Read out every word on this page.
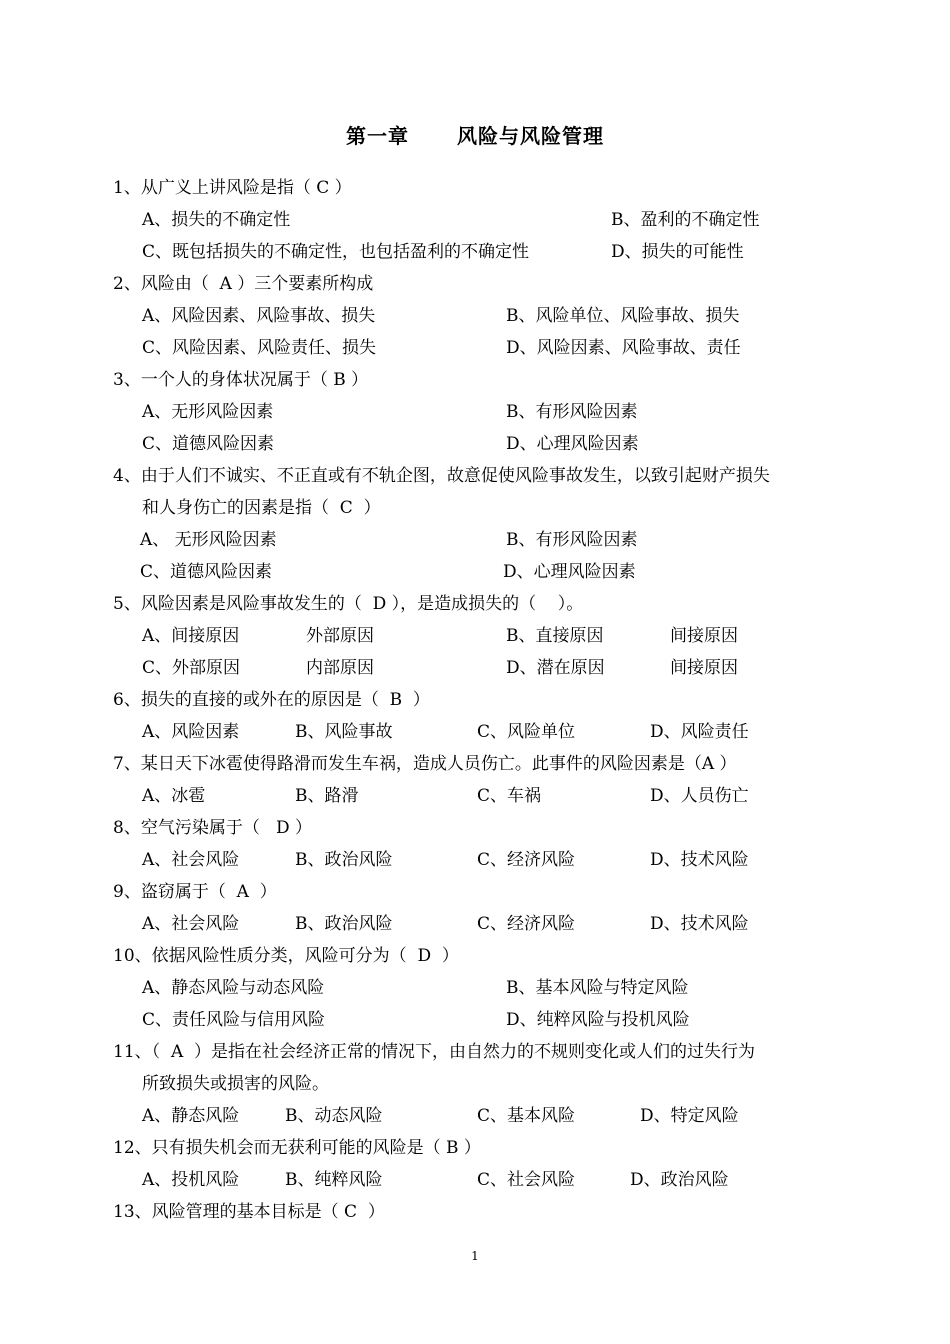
第一章 风险与风险管理
1、从广义上讲风险是指（ C ）
A、损失的不确定性	B、盈利的不确定性
C、既包括损失的不确定性，也包括盈利的不确定性	D、损失的可能性
2、风险由（  A ）三个要素所构成
A、风险因素、风险事故、损失	B、风险单位、风险事故、损失
C、风险因素、风险责任、损失	D、风险因素、风险事故、责任
3、一个人的身体状况属于（ B ）
A、无形风险因素	B、有形风险因素
C、道德风险因素	D、心理风险因素
4、由于人们不诚实、不正直或有不轨企图，故意促使风险事故发生，以致引起财产损失
和人身伤亡的因素是指（  C  ）
A、 无形风险因素	B、有形风险因素
C、道德风险因素	D、心理风险因素
5、风险因素是风险事故发生的（  D ），是造成损失的（    ）。
A、间接原因	外部原因	B、直接原因	间接原因
C、外部原因	内部原因	D、潜在原因	间接原因
6、损失的直接的或外在的原因是（  B  ）
A、风险因素	B、风险事故	C、风险单位	D、风险责任
7、某日天下冰雹使得路滑而发生车祸，造成人员伤亡。此事件的风险因素是（A ）
A、冰雹	B、路滑	C、车祸	D、人员伤亡
8、空气污染属于（   D ）
A、社会风险	B、政治风险	C、经济风险	D、技术风险
9、盗窃属于（  A  ）
A、社会风险	B、政治风险	C、经济风险	D、技术风险
10、依据风险性质分类，风险可分为（  D  ）
A、静态风险与动态风险	B、基本风险与特定风险
C、责任风险与信用风险	D、纯粹风险与投机风险
11、（  A  ）是指在社会经济正常的情况下，由自然力的不规则变化或人们的过失行为
所致损失或损害的风险。
A、静态风险	B、动态风险	C、基本风险	D、特定风险
12、只有损失机会而无获利可能的风险是（ B ）
A、投机风险	B、纯粹风险	C、社会风险	D、政治风险
13、风险管理的基本目标是（ C  ）
1
